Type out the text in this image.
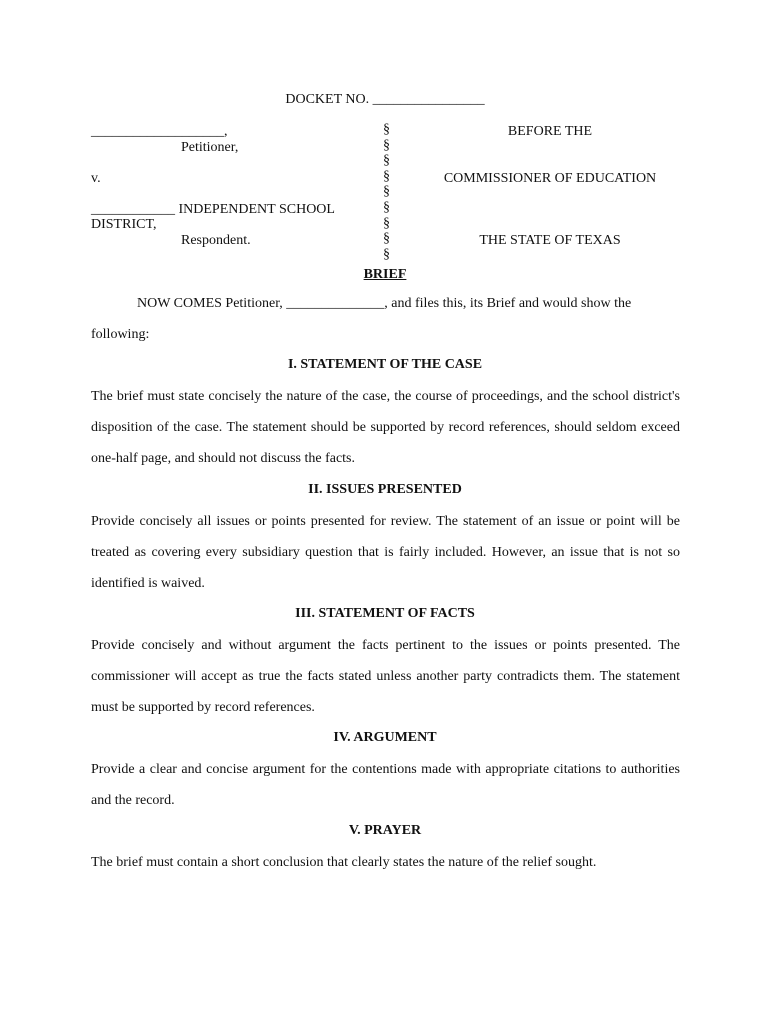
DOCKET NO. ________________
___________________,
Petitioner,
v.
____________ INDEPENDENT SCHOOL
DISTRICT,
Respondent.
§ § § § § § § § §
BEFORE THE
COMMISSIONER OF EDUCATION
THE STATE OF TEXAS
BRIEF
NOW COMES Petitioner, ______________, and files this, its Brief and would show the
following:
I. STATEMENT OF THE CASE
The brief must state concisely the nature of the case, the course of proceedings, and the school district's disposition of the case. The statement should be supported by record references, should seldom exceed one-half page, and should not discuss the facts.
II. ISSUES PRESENTED
Provide concisely all issues or points presented for review. The statement of an issue or point will be treated as covering every subsidiary question that is fairly included. However, an issue that is not so identified is waived.
III. STATEMENT OF FACTS
Provide concisely and without argument the facts pertinent to the issues or points presented. The commissioner will accept as true the facts stated unless another party contradicts them. The statement must be supported by record references.
IV. ARGUMENT
Provide a clear and concise argument for the contentions made with appropriate citations to authorities and the record.
V. PRAYER
The brief must contain a short conclusion that clearly states the nature of the relief sought.
